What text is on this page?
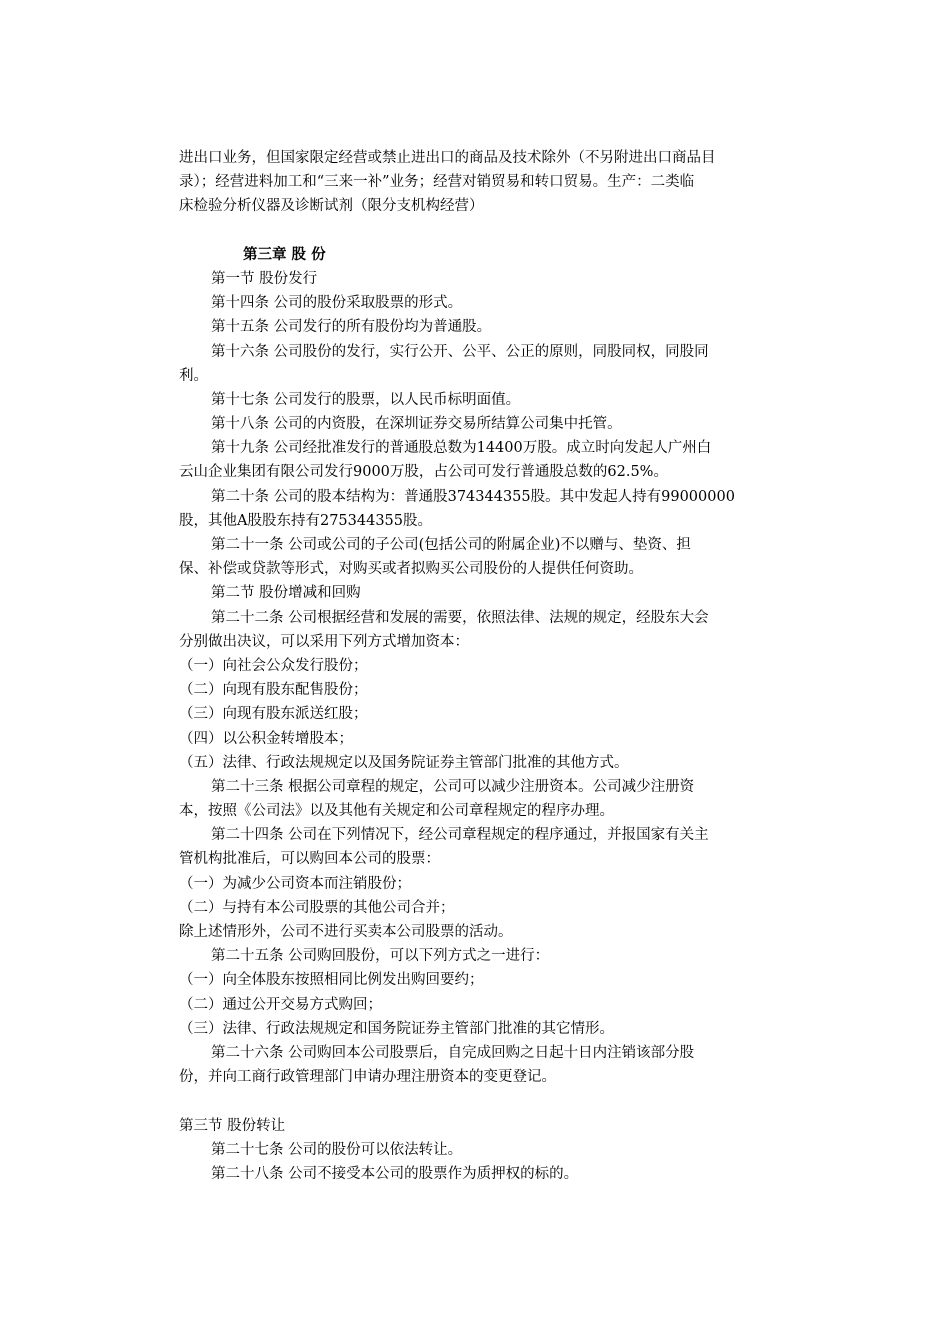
进出口业务，但国家限定经营或禁止进出口的商品及技术除外（不另附进出口商品目
录）；经营进料加工和“三来一补”业务；经营对销贸易和转口贸易。生产：二类临
床检验分析仪器及诊断试剂（限分支机构经营）
第三章 股 份
第一节 股份发行
第十四条 公司的股份采取股票的形式。
第十五条 公司发行的所有股份均为普通股。
第十六条 公司股份的发行，实行公开、公平、公正的原则，同股同权，同股同
利。
第十七条 公司发行的股票，以人民币标明面值。
第十八条 公司的内资股，在深圳证券交易所结算公司集中托管。
第十九条 公司经批准发行的普通股总数为14400万股。成立时向发起人广州白
云山企业集团有限公司发行9000万股，占公司可发行普通股总数的62.5%。
第二十条 公司的股本结构为：普通股374344355股。其中发起人持有99000000
股，其他A股股东持有275344355股。
第二十一条 公司或公司的子公司(包括公司的附属企业)不以赠与、垫资、担
保、补偿或贷款等形式，对购买或者拟购买公司股份的人提供任何资助。
第二节 股份增减和回购
第二十二条 公司根据经营和发展的需要，依照法律、法规的规定，经股东大会
分别做出决议，可以采用下列方式增加资本：
（一）向社会公众发行股份；
（二）向现有股东配售股份；
（三）向现有股东派送红股；
（四）以公积金转增股本；
（五）法律、行政法规规定以及国务院证券主管部门批准的其他方式。
第二十三条 根据公司章程的规定，公司可以减少注册资本。公司减少注册资
本，按照《公司法》以及其他有关规定和公司章程规定的程序办理。
第二十四条 公司在下列情况下，经公司章程规定的程序通过，并报国家有关主
管机构批准后，可以购回本公司的股票：
（一）为减少公司资本而注销股份；
（二）与持有本公司股票的其他公司合并；
除上述情形外，公司不进行买卖本公司股票的活动。
第二十五条 公司购回股份，可以下列方式之一进行：
（一）向全体股东按照相同比例发出购回要约；
（二）通过公开交易方式购回；
（三）法律、行政法规规定和国务院证券主管部门批准的其它情形。
第二十六条 公司购回本公司股票后，自完成回购之日起十日内注销该部分股
份，并向工商行政管理部门申请办理注册资本的变更登记。
第三节 股份转让
第二十七条 公司的股份可以依法转让。
第二十八条 公司不接受本公司的股票作为质押权的标的。
